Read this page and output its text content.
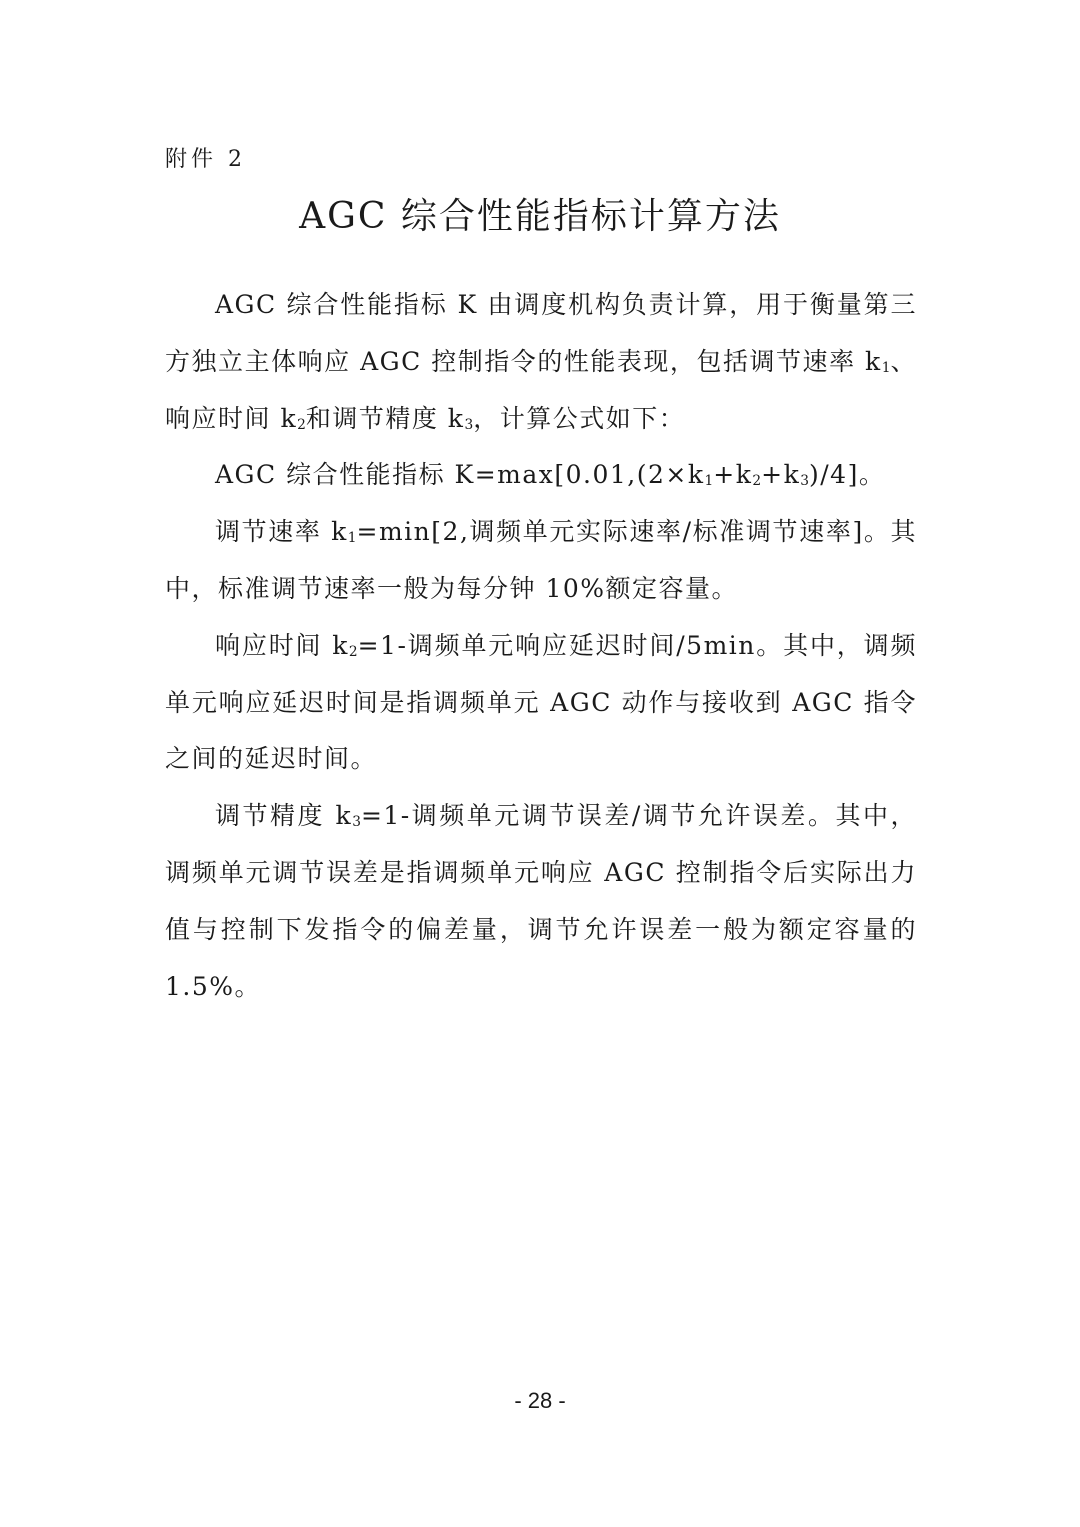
附件 2
AGC 综合性能指标计算方法

AGC 综合性能指标 K 由调度机构负责计算，用于衡量第三方独立主体响应 AGC 控制指令的性能表现，包括调节速率 $k_1$、响应时间 $k_2$和调节精度 $k_3$，计算公式如下：

AGC 综合性能指标 $K=\max[0.01,(2\times k_1+k_2+k_3)/4]$。

调节速率 $k_1=\min[2$,调频单元实际速率/标准调节速率]。其中，标准调节速率一般为每分钟 10%额定容量。

响应时间 $k_2=1-$调频单元响应延迟时间/5min。其中，调频单元响应延迟时间是指调频单元 AGC 动作与接收到 AGC 指令之间的延迟时间。

调节精度 $k_3=1-$调频单元调节误差/调节允许误差。其中，调频单元调节误差是指调频单元响应 AGC 控制指令后实际出力值与控制下发指令的偏差量，调节允许误差一般为额定容量的 1.5%。

- 28 -
